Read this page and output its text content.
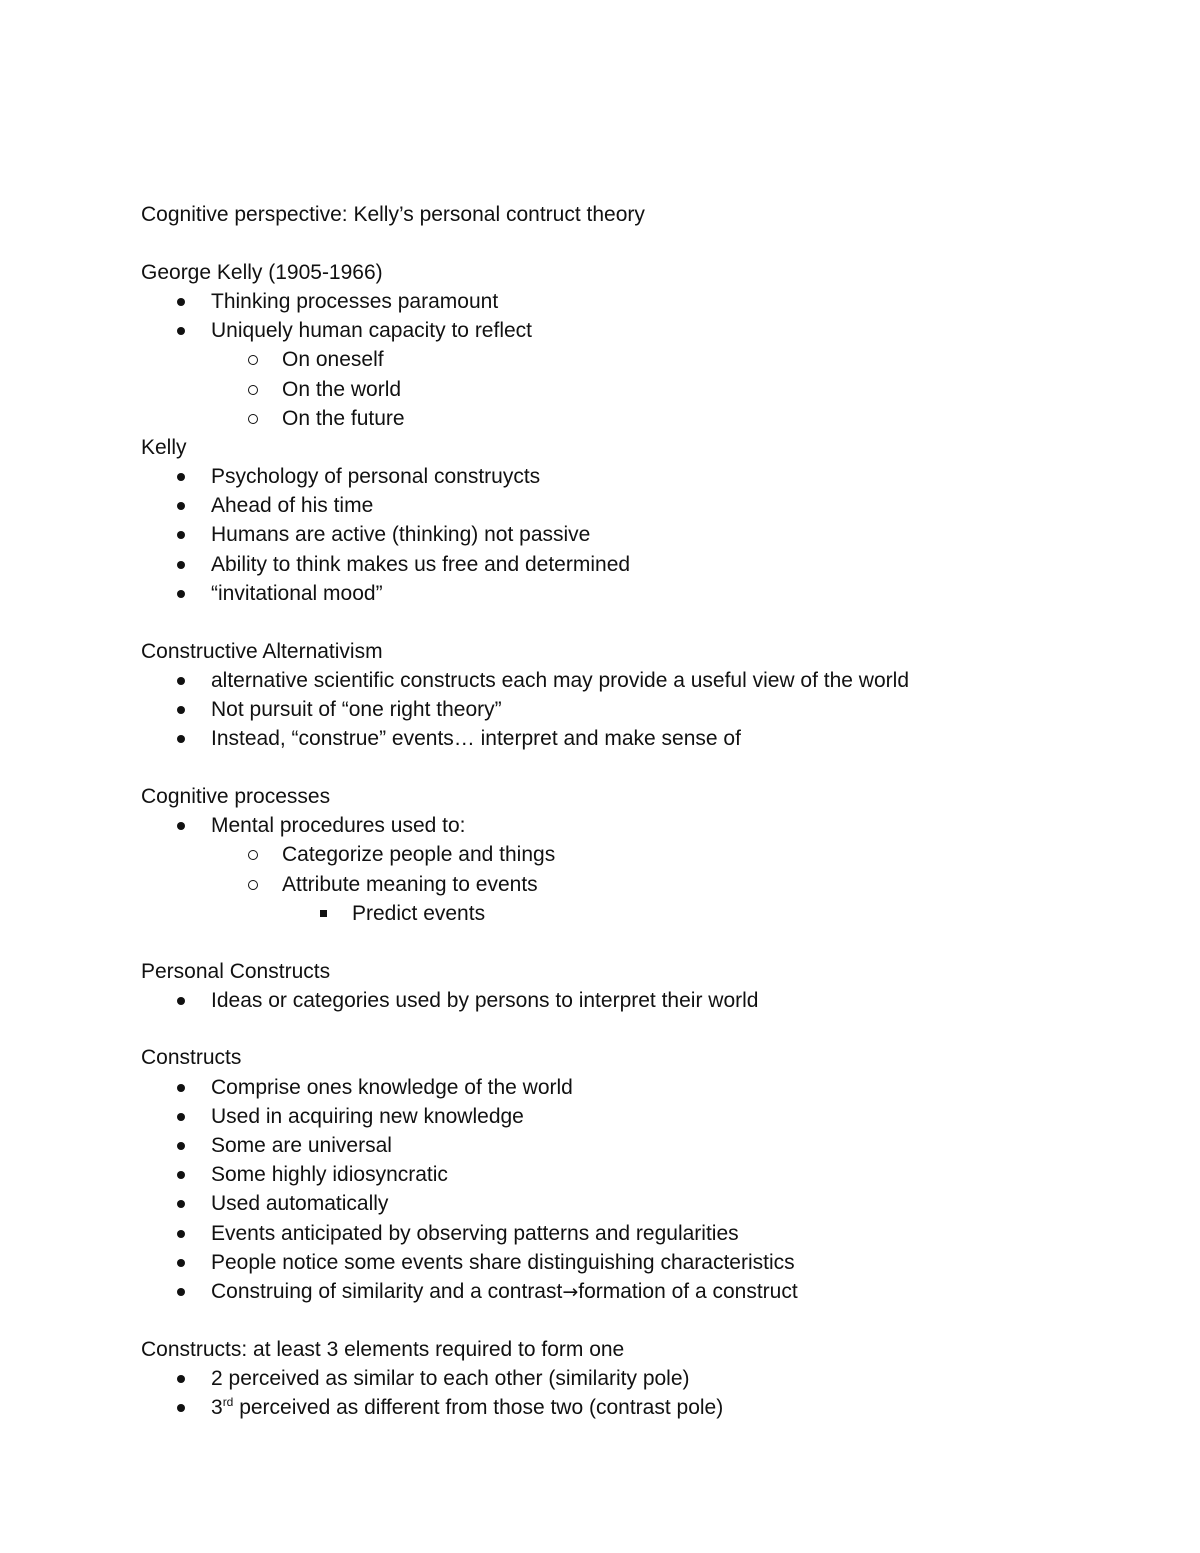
Cognitive perspective: Kelly’s personal contruct theory
George Kelly (1905-1966)
Thinking processes paramount
Uniquely human capacity to reflect
On oneself
On the world
On the future
Kelly
Psychology of personal construycts
Ahead of his time
Humans are active (thinking) not passive
Ability to think makes us free and determined
“invitational mood”
Constructive Alternativism
alternative scientific constructs each may provide a useful view of the world
Not pursuit of “one right theory”
Instead, “construe” events… interpret and make sense of
Cognitive processes
Mental procedures used to:
Categorize people and things
Attribute meaning to events
Predict events
Personal Constructs
Ideas or categories used by persons to interpret their world
Constructs
Comprise ones knowledge of the world
Used in acquiring new knowledge
Some are universal
Some highly idiosyncratic
Used automatically
Events anticipated by observing patterns and regularities
People notice some events share distinguishing characteristics
Construing of similarity and a contrast→formation of a construct
Constructs: at least 3 elements required to form one
2 perceived as similar to each other (similarity pole)
3rd perceived as different from those two (contrast pole)
